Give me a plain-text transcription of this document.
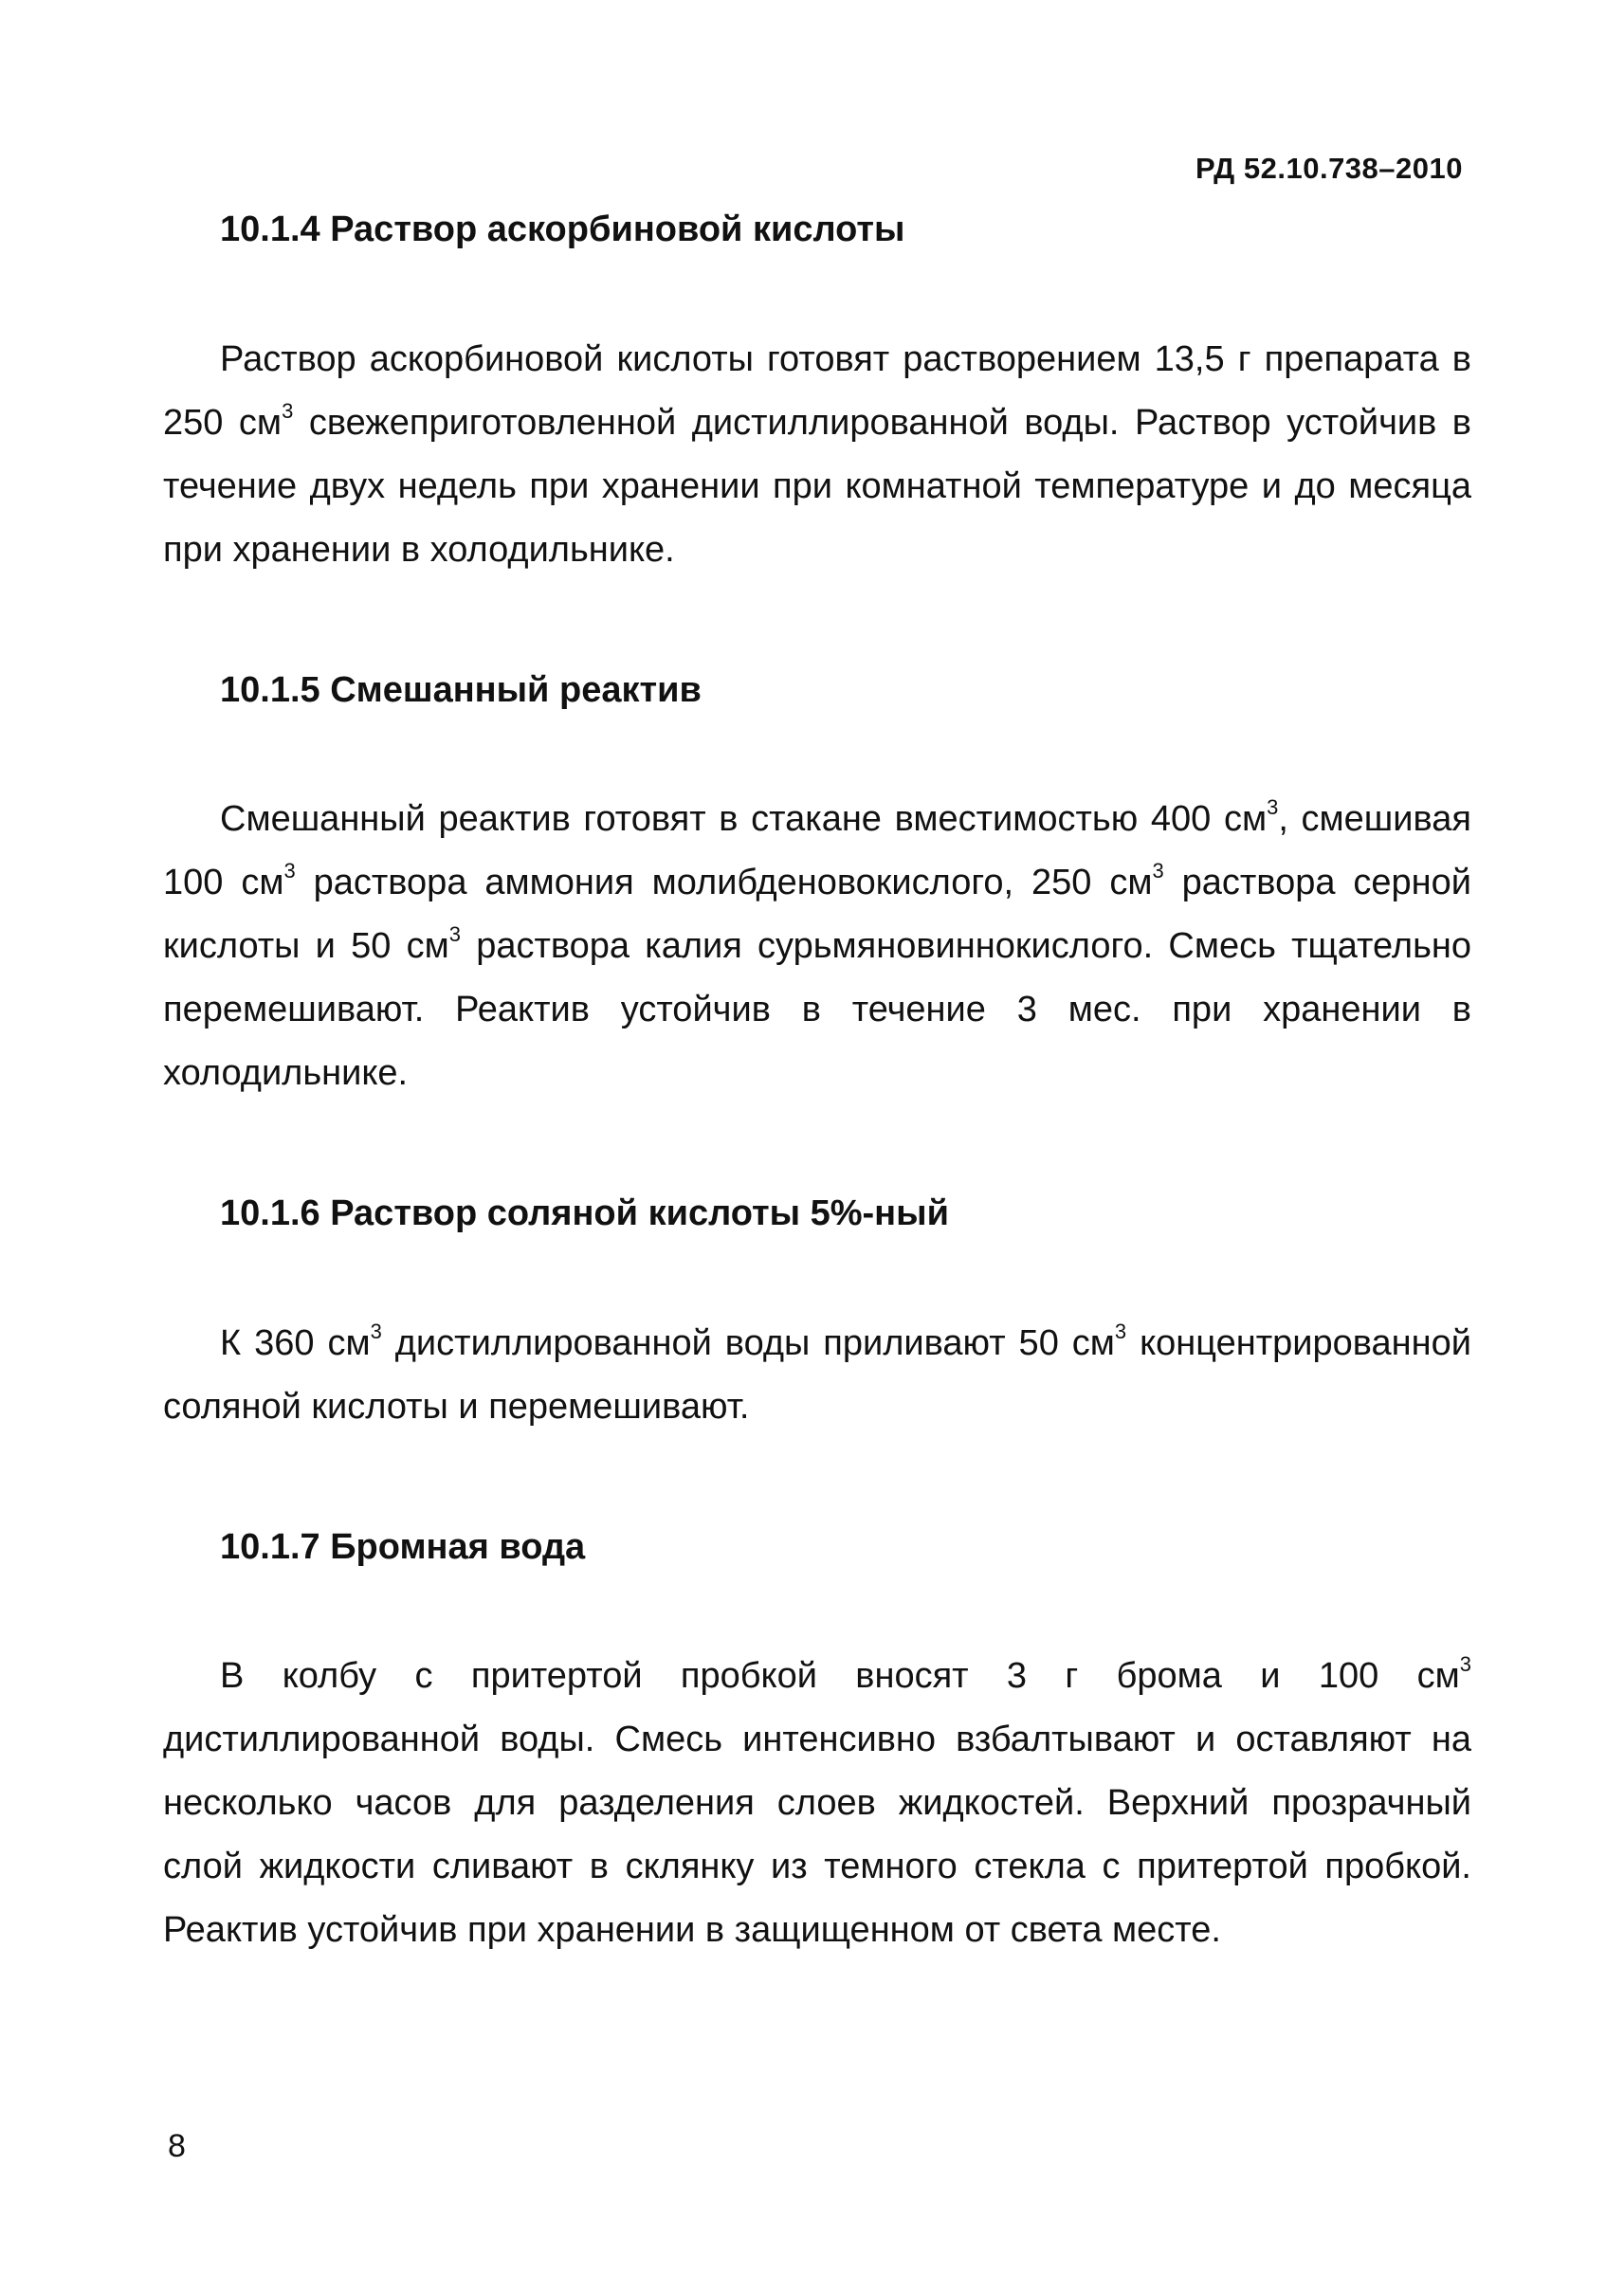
РД 52.10.738–2010
10.1.4 Раствор аскорбиновой кислоты

Раствор аскорбиновой кислоты готовят растворением 13,5 г препарата в 250 $см^3$ свежеприготовленной дистиллированной воды. Раствор устойчив в течение двух недель при хранении при комнатной температуре и до месяца при хранении в холодильнике.

10.1.5 Смешанный реактив

Смешанный реактив готовят в стакане вместимостью 400 $см^3$, смешивая 100 $см^3$ раствора аммония молибденовокислого, 250 $см^3$ раствора серной кислоты и 50 $см^3$ раствора калия сурьмяновиннокислого. Смесь тщательно перемешивают. Реактив устойчив в течение 3 мес. при хранении в холодильнике.

10.1.6 Раствор соляной кислоты 5%-ный

К 360 $см^3$ дистиллированной воды приливают 50 $см^3$ концентрированной соляной кислоты и перемешивают.

10.1.7 Бромная вода

В колбу с притертой пробкой вносят 3 г брома и 100 $см^3$ дистиллированной воды. Смесь интенсивно взбалтывают и оставляют на несколько часов для разделения слоев жидкостей. Верхний прозрачный слой жидкости сливают в склянку из темного стекла с притертой пробкой. Реактив устойчив при хранении в защищенном от света месте.

8
